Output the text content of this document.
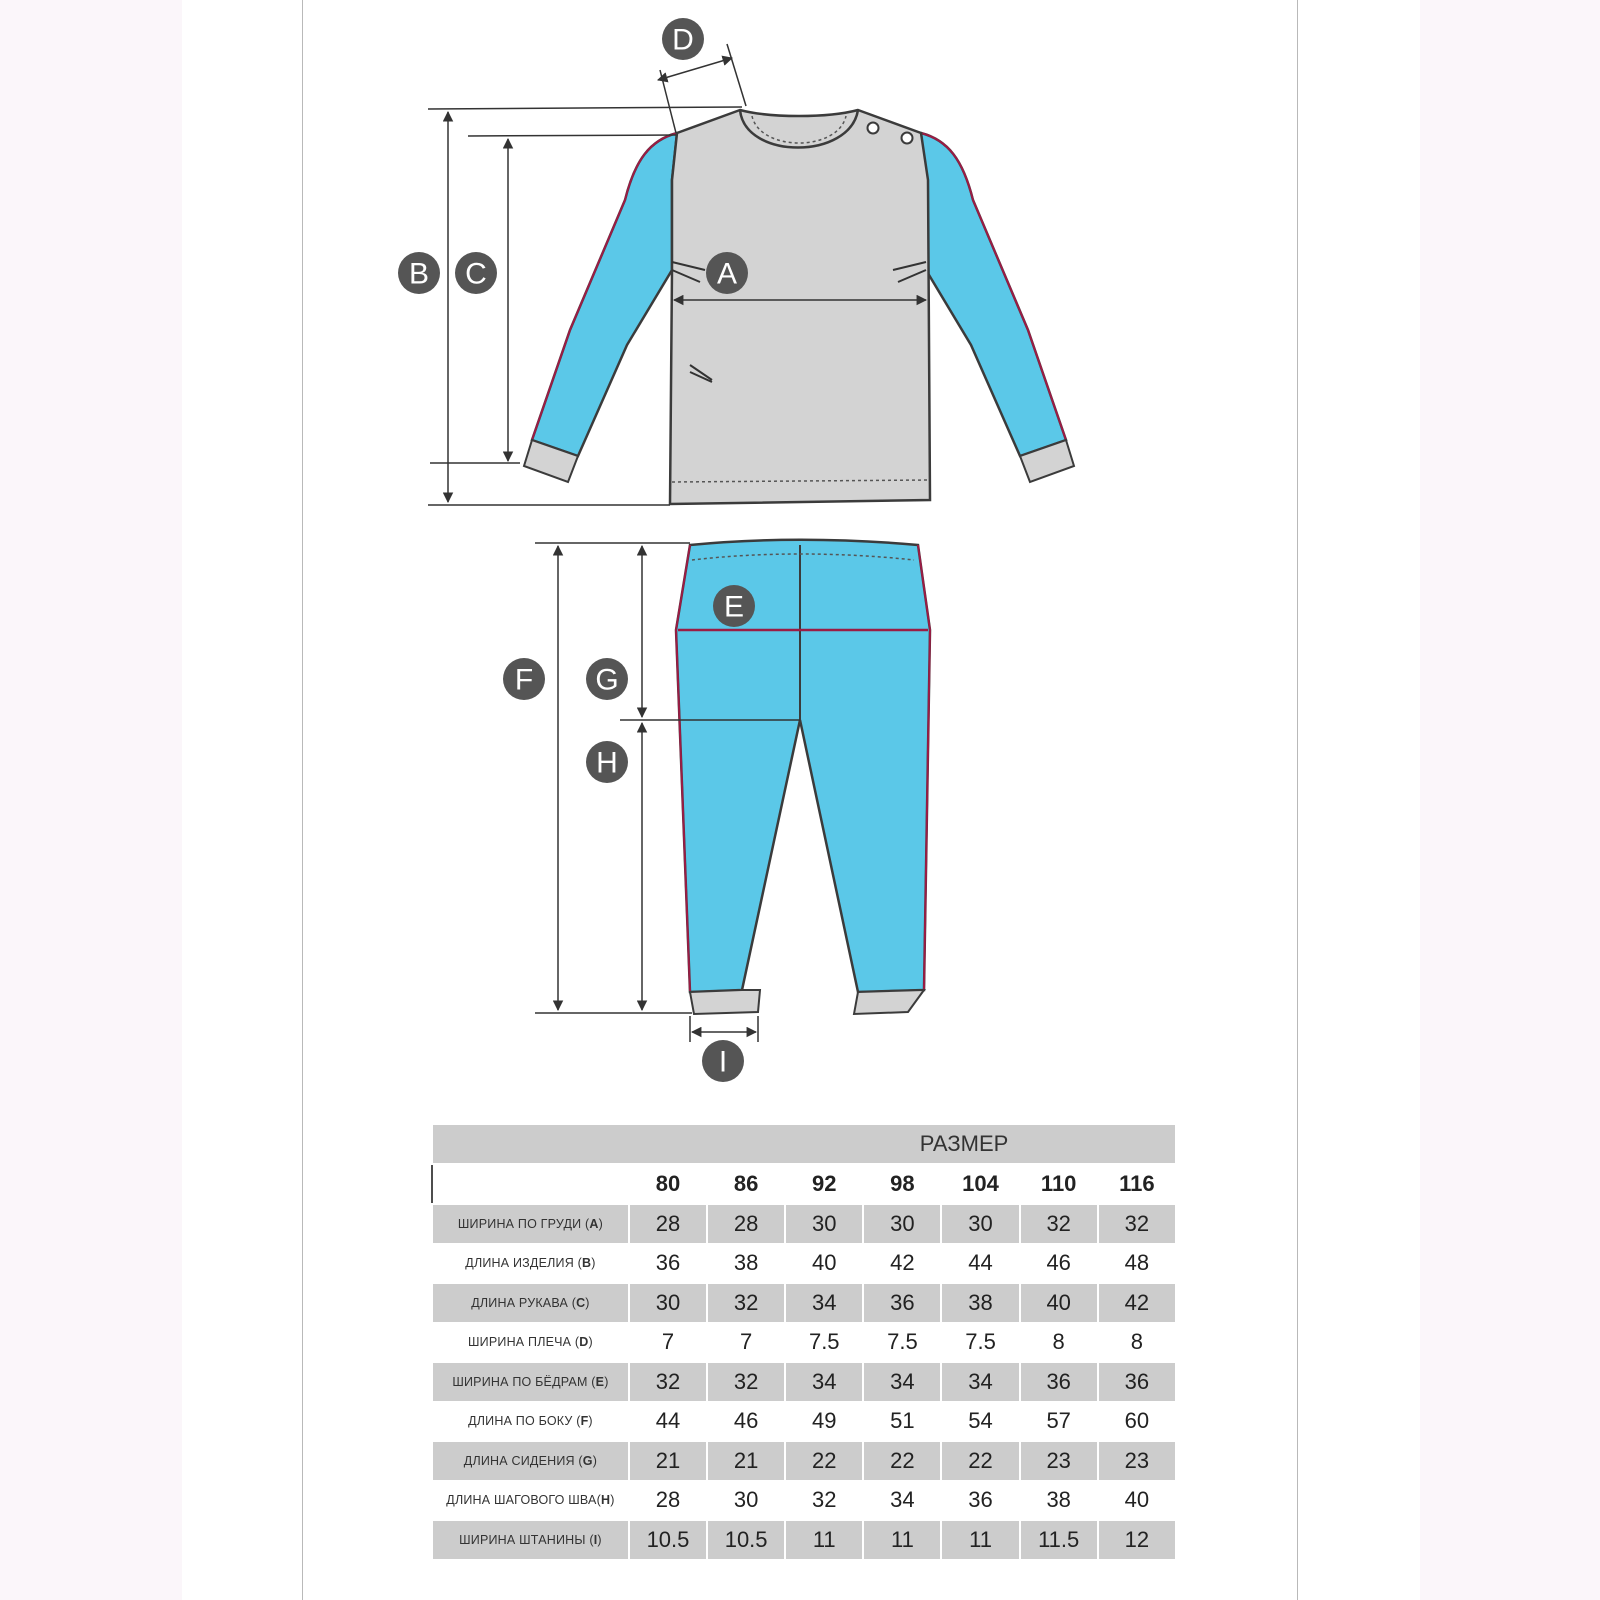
D
B C	A
E
F G
H
I
РАЗМЕР							
	80	86	92	98	104	110	116
ШИРИНА ПО ГРУДИ (A)	28	28	30	30	30	32	32
ДЛИНА ИЗДЕЛИЯ (B)	36	38	40	42	44	46	48
ДЛИНА РУКАВА (C)	30	32	34	36	38	40	42
ШИРИНА ПЛЕЧА (D)	7	7	7.5	7.5	7.5	8	8
ШИРИНА ПО БЁДРАМ (E)	32	32	34	34	34	36	36
ДЛИНА ПО БОКУ (F)	44	46	49	51	54	57	60
ДЛИНА СИДЕНИЯ (G)	21	21	22	22	22	23	23
ДЛИНА ШАГОВОГО ШВА(H)	28	30	32	34	36	38	40
ШИРИНА ШТАНИНЫ (I)	10.5	10.5	11	11	11	11.5	12
